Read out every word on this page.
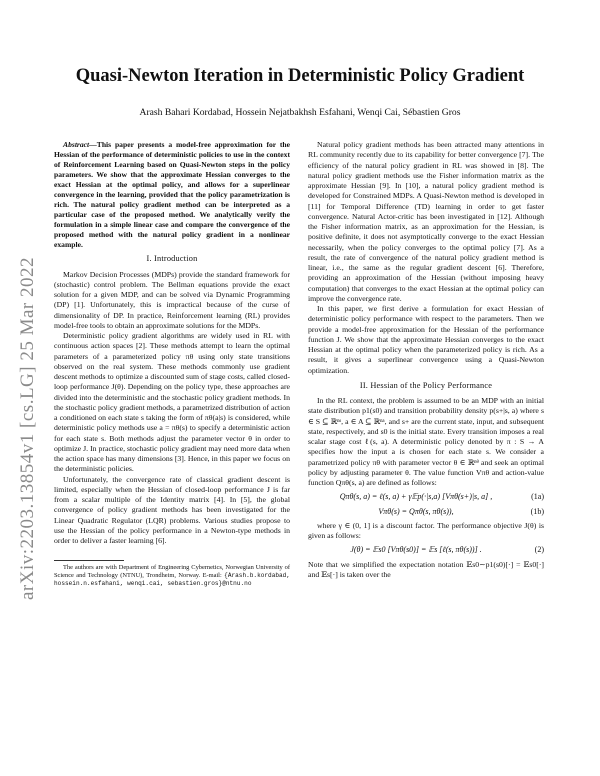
arXiv:2203.13854v1 [cs.LG] 25 Mar 2022
Quasi-Newton Iteration in Deterministic Policy Gradient
Arash Bahari Kordabad, Hossein Nejatbakhsh Esfahani, Wenqi Cai, Sébastien Gros

Abstract—This paper presents a model-free approximation for the Hessian of the performance of deterministic policies to use in the context of Reinforcement Learning based on Quasi-Newton steps in the policy parameters. We show that the approximate Hessian converges to the exact Hessian at the optimal policy, and allows for a superlinear convergence in the learning, provided that the policy parametrization is rich. The natural policy gradient method can be interpreted as a particular case of the proposed method. We analytically verify the formulation in a simple linear case and compare the convergence of the proposed method with the natural policy gradient in a nonlinear example.

I. Introduction

Markov Decision Processes (MDPs) provide the standard framework for (stochastic) control problem. The Bellman equations provide the exact solution for a given MDP, and can be solved via Dynamic Programming (DP) [1]. Unfortunately, this is impractical because of the curse of dimensionality of DP. In practice, Reinforcement learning (RL) provides model-free tools to obtain an approximate solutions for the MDPs.

Deterministic policy gradient algorithms are widely used in RL with continuous action spaces [2]. These methods attempt to learn the optimal parameters of a parameterized policy πθ using only state transitions observed on the real system. These methods commonly use gradient descent methods to optimize a discounted sum of stage costs, called closed-loop performance J(θ). Depending on the policy type, these approaches are divided into the deterministic and the stochastic policy gradient methods. In the stochastic policy gradient methods, a parametrized distribution of action a conditioned on each state s taking the form of πθ(a|s) is considered, while deterministic policy methods use a = πθ(s) to specify a deterministic action for each state s. Both methods adjust the parameter vector θ in order to optimize J. In practice, stochastic policy gradient may need more data when the action space has many dimensions [3]. Hence, in this paper we focus on the deterministic policies.

Unfortunately, the convergence rate of classical gradient descent is limited, especially when the Hessian of closed-loop performance J is far from a scalar multiple of the Identity matrix [4]. In [5], the global convergence of policy gradient methods has been investigated for the Linear Quadratic Regulator (LQR) problems. Various studies propose to use the Hessian of the policy performance in a Newton-type methods in order to deliver a faster learning [6].

The authors are with Department of Engineering Cybernetics, Norwegian University of Science and Technology (NTNU), Trondheim, Norway. E-mail: {Arash.b.kordabad, hossein.n.esfahani, wenqi.cai, sebastien.gros}@ntnu.no

Natural policy gradient methods has been attracted many attentions in RL community recently due to its capability for better convergence [7]. The efficiency of the natural policy gradient in RL was showed in [8]. The natural policy gradient methods use the Fisher information matrix as the approximate Hessian [9]. In [10], a natural policy gradient method is developed for Constrained MDPs. A Quasi-Newton method is developed in [11] for Temporal Difference (TD) learning in order to get faster convergence. Natural Actor-critic has been investigated in [12]. Although the Fisher information matrix, as an approximation for the Hessian, is positive definite, it does not asymptotically converge to the exact Hessian necessarily, when the policy converges to the optimal policy [7]. As a result, the rate of convergence of the natural policy gradient method is linear, i.e., the same as the regular gradient descent [6]. Therefore, providing an approximation of the Hessian (without imposing heavy computation) that converges to the exact Hessian at the optimal policy can improve the convergence rate.

In this paper, we first derive a formulation for exact Hessian of deterministic policy performance with respect to the parameters. Then we provide a model-free approximation for the Hessian of the performance function J. We show that the approximate Hessian converges to the exact Hessian at the optimal policy when the parameterized policy is rich. As a result, it gives a superlinear convergence using a Quasi-Newton optimization.

II. Hessian of the Policy Performance

In the RL context, the problem is assumed to be an MDP with an initial state distribution p1(s0) and transition probability density p(s+|s, a) where s ∈ S ⊆ ℝⁿˢ, a ∈ A ⊆ ℝⁿᵃ, and s+ are the current state, input, and subsequent state, respectively, and s0 is the initial state. Every transition imposes a real scalar stage cost ℓ(s, a). A deterministic policy denoted by π : S → A specifies how the input a is chosen for each state s. We consider a parametrized policy πθ with parameter vector θ ∈ ℝⁿᶿ and seek an optimal policy by adjusting parameter θ. The value function Vπθ and action-value function Qπθ(s, a) are defined as follows:

Qπθ(s, a) = ℓ(s, a) + γ𝔼p(·|s,a) [Vπθ(s+)|s, a] ,	(1a)
Vπθ(s) = Qπθ(s, πθ(s)),	(1b)

where γ ∈ (0, 1] is a discount factor. The performance objective J(θ) is given as follows:

J(θ) = 𝔼s0 [Vπθ(s0)] = 𝔼s [ℓ(s, πθ(s))] .	(2)

Note that we simplified the expectation notation 𝔼s0∼p1(s0)[·] = 𝔼s0[·] and 𝔼s[·] is taken over the
